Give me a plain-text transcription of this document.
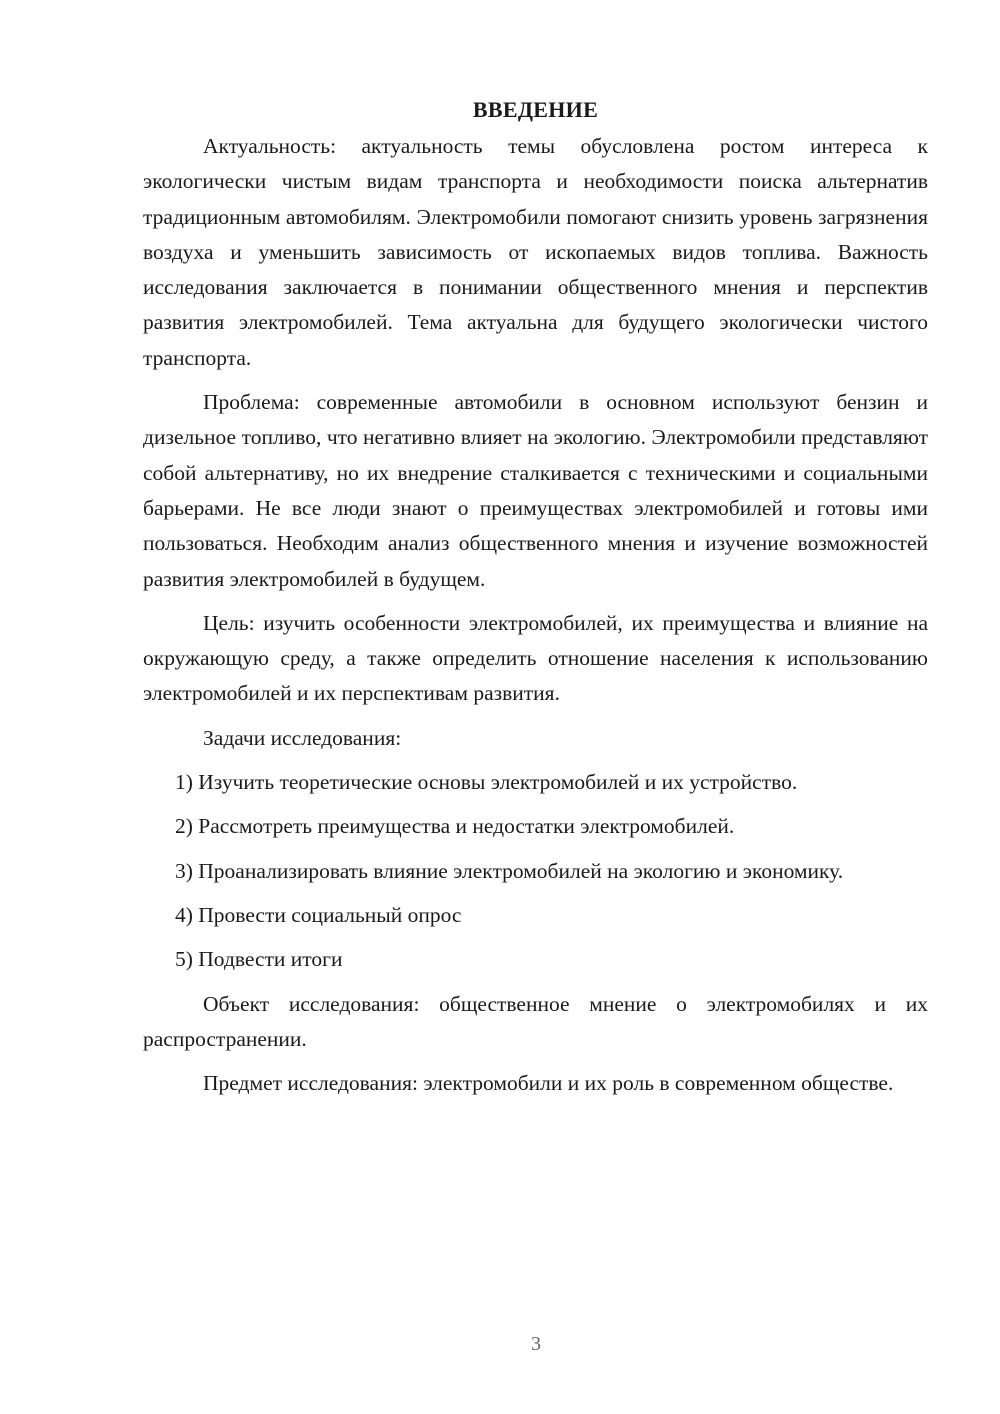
ВВЕДЕНИЕ

Актуальность: актуальность темы обусловлена ростом интереса к экологически чистым видам транспорта и необходимости поиска альтернатив традиционным автомобилям. Электромобили помогают снизить уровень загрязнения воздуха и уменьшить зависимость от ископаемых видов топлива. Важность исследования заключается в понимании общественного мнения и перспектив развития электромобилей. Тема актуальна для будущего экологически чистого транспорта.

Проблема: современные автомобили в основном используют бензин и дизельное топливо, что негативно влияет на экологию. Электромобили представляют собой альтернативу, но их внедрение сталкивается с техническими и социальными барьерами. Не все люди знают о преимуществах электромобилей и готовы ими пользоваться. Необходим анализ общественного мнения и изучение возможностей развития электромобилей в будущем.

Цель: изучить особенности электромобилей, их преимущества и влияние на окружающую среду, а также определить отношение населения к использованию электромобилей и их перспективам развития.

Задачи исследования:

1) Изучить теоретические основы электромобилей и их устройство.

2) Рассмотреть преимущества и недостатки электромобилей.

3) Проанализировать влияние электромобилей на экологию и экономику.

4) Провести социальный опрос

5) Подвести итоги

Объект исследования: общественное мнение о электромобилях и их распространении.

Предмет исследования: электромобили и их роль в современном обществе.

3
